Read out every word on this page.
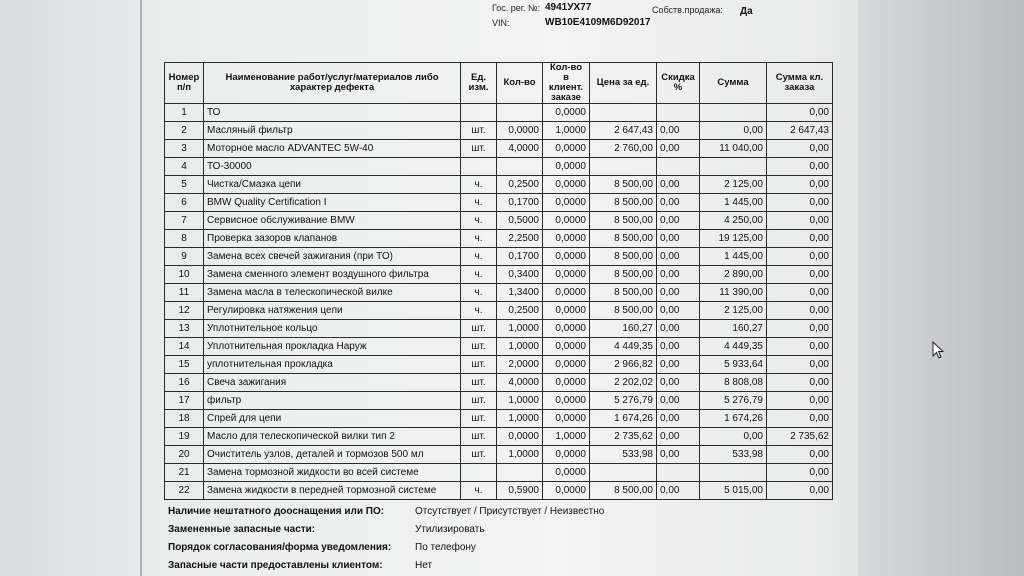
Гос. рег. №: 4941УХ77
VIN:	WB10E4109M6D92017
Собств.продажа: Да
Номер п/п	Наименование работ/услуг/материалов либо характер дефекта	Ед. изм.	Кол-во	Кол-во в клиент. заказе	Цена за ед.	Скидка %	Сумма	Сумма кл. заказа
1	ТО			0,0000				0,00
2	Масляный фильтр	шт.	0,0000	1,0000	2 647,43	0,00	0,00	2 647,43
3	Моторное масло ADVANTEC 5W-40	шт.	4,0000	0,0000	2 760,00	0,00	11 040,00	0,00
4	ТО-30000			0,0000				0,00
5	Чистка/Смазка цепи	ч.	0,2500	0,0000	8 500,00	0,00	2 125,00	0,00
6	BMW Quality Certification I	ч.	0,1700	0,0000	8 500,00	0,00	1 445,00	0,00
7	Сервисное обслуживание BMW	ч.	0,5000	0,0000	8 500,00	0,00	4 250,00	0,00
8	Проверка зазоров клапанов	ч.	2,2500	0,0000	8 500,00	0,00	19 125,00	0,00
9	Замена всех свечей зажигания (при ТО)	ч.	0,1700	0,0000	8 500,00	0,00	1 445,00	0,00
10	Замена сменного элемент воздушного фильтра	ч.	0,3400	0,0000	8 500,00	0,00	2 890,00	0,00
11	Замена масла в телескопической вилке	ч.	1,3400	0,0000	8 500,00	0,00	11 390,00	0,00
12	Регулировка натяжения цепи	ч.	0,2500	0,0000	8 500,00	0,00	2 125,00	0,00
13	Уплотнительное кольцо	шт.	1,0000	0,0000	160,27	0,00	160,27	0,00
14	Уплотнительная прокладка Наруж	шт.	1,0000	0,0000	4 449,35	0,00	4 449,35	0,00
15	уплотнительная прокладка	шт.	2,0000	0,0000	2 966,82	0,00	5 933,64	0,00
16	Свеча зажигания	шт.	4,0000	0,0000	2 202,02	0,00	8 808,08	0,00
17	фильтр	шт.	1,0000	0,0000	5 276,79	0,00	5 276,79	0,00
18	Спрей для цепи	шт.	1,0000	0,0000	1 674,26	0,00	1 674,26	0,00
19	Масло для телескопической вилки тип 2	шт.	0,0000	1,0000	2 735,62	0,00	0,00	2 735,62
20	Очиститель узлов, деталей и тормозов 500 мл	шт.	1,0000	0,0000	533,98	0,00	533,98	0,00
21	Замена тормозной жидкости во всей системе			0,0000				0,00
22	Замена жидкости в передней тормозной системе	ч.	0,5900	0,0000	8 500,00	0,00	5 015,00	0,00
Наличие нештатного дооснащения или ПО:	Отсутствует / Присутствует / Неизвестно
Замененные запасные части:	Утилизировать
Порядок согласования/форма уведомления: По телефону
Запасные части предоставлены клиентом:	Нет
